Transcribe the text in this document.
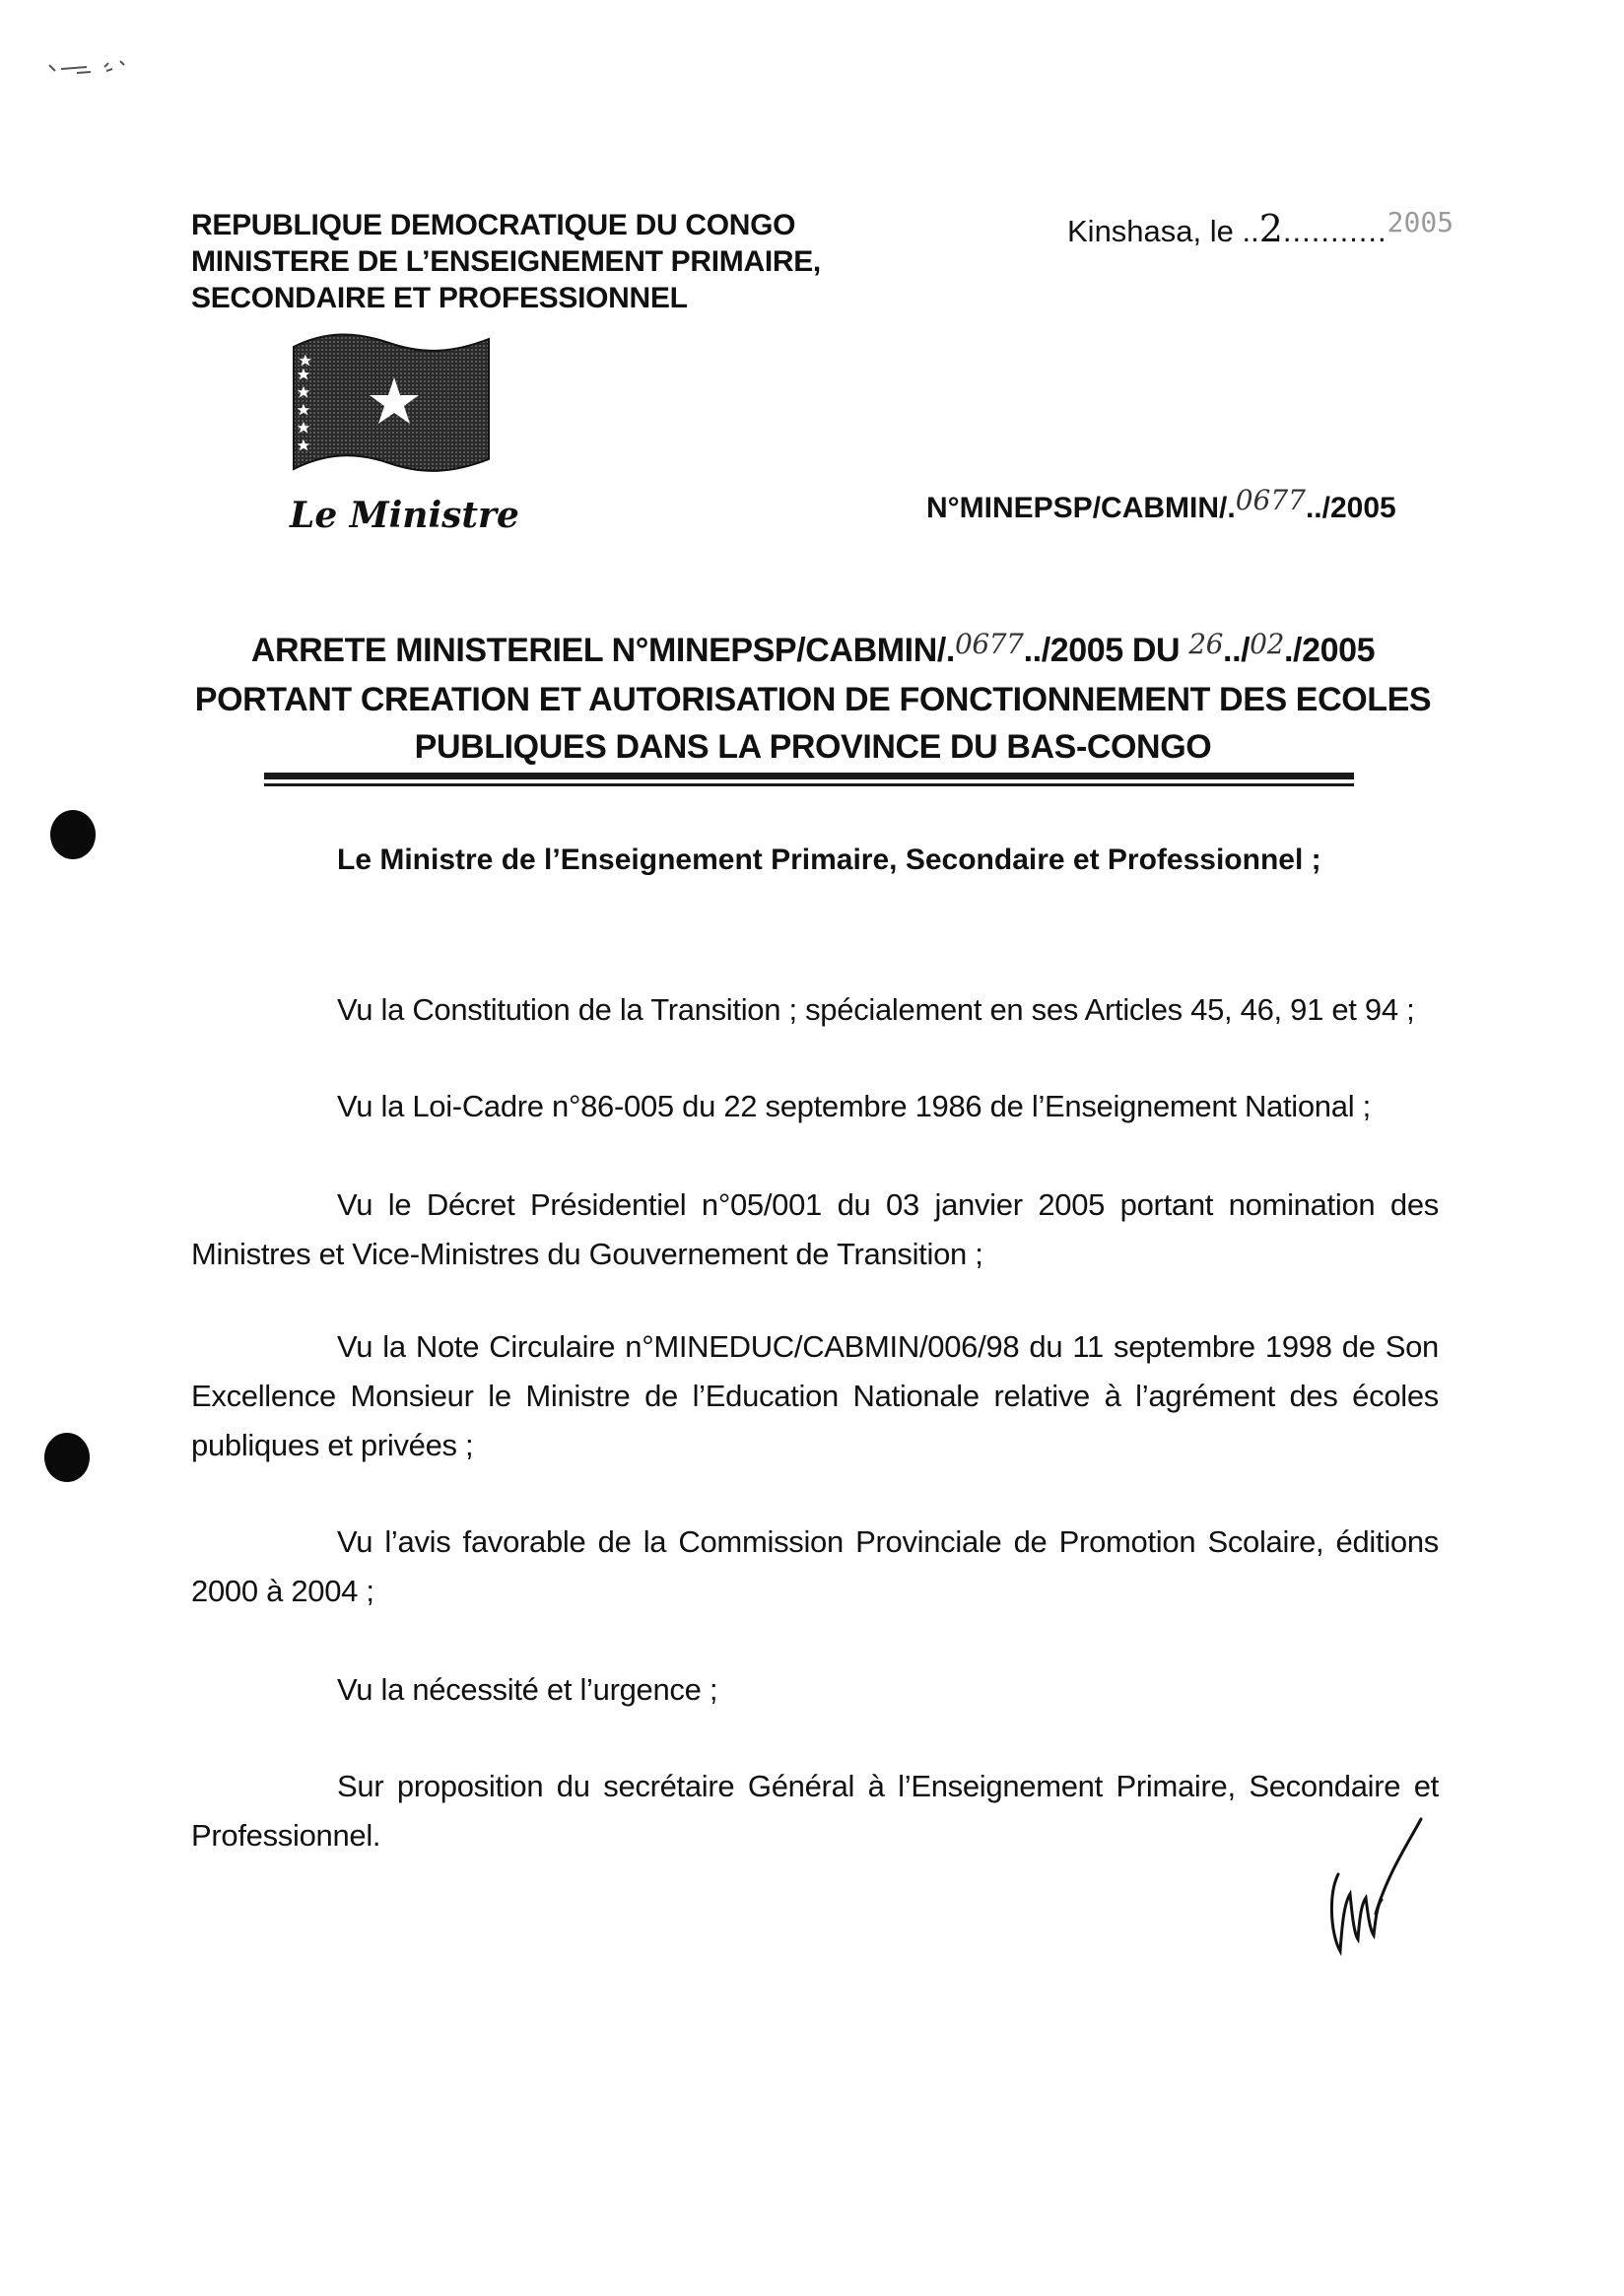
REPUBLIQUE DEMOCRATIQUE DU CONGO
MINISTERE DE L’ENSEIGNEMENT PRIMAIRE,
SECONDAIRE ET PROFESSIONNEL
Kinshasa, le ..2...........2005
Le Ministre	N°MINEPSP/CABMIN/.0677../2005
ARRETE MINISTERIEL N°MINEPSP/CABMIN/.$^{0677}$../2005 DU $^{26}$../$^{02}$./2005
PORTANT CREATION ET AUTORISATION DE FONCTIONNEMENT DES ECOLES
PUBLIQUES DANS LA PROVINCE DU BAS-CONGO
Le Ministre de l’Enseignement Primaire, Secondaire et Professionnel ;
Vu la Constitution de la Transition ; spécialement en ses Articles 45, 46, 91 et 94 ;
Vu la Loi-Cadre n°86-005 du 22 septembre 1986 de l’Enseignement National ;
Vu le Décret Présidentiel n°05/001 du 03 janvier 2005 portant nomination des Ministres et Vice-Ministres du Gouvernement de Transition ;
Vu la Note Circulaire n°MINEDUC/CABMIN/006/98 du 11 septembre 1998 de Son Excellence Monsieur le Ministre de l’Education Nationale relative à l’agrément des écoles publiques et privées ;
Vu l’avis favorable de la Commission Provinciale de Promotion Scolaire, éditions 2000 à 2004 ;
Vu la nécessité et l’urgence ;
Sur proposition du secrétaire Général à l’Enseignement Primaire, Secondaire et Professionnel.
